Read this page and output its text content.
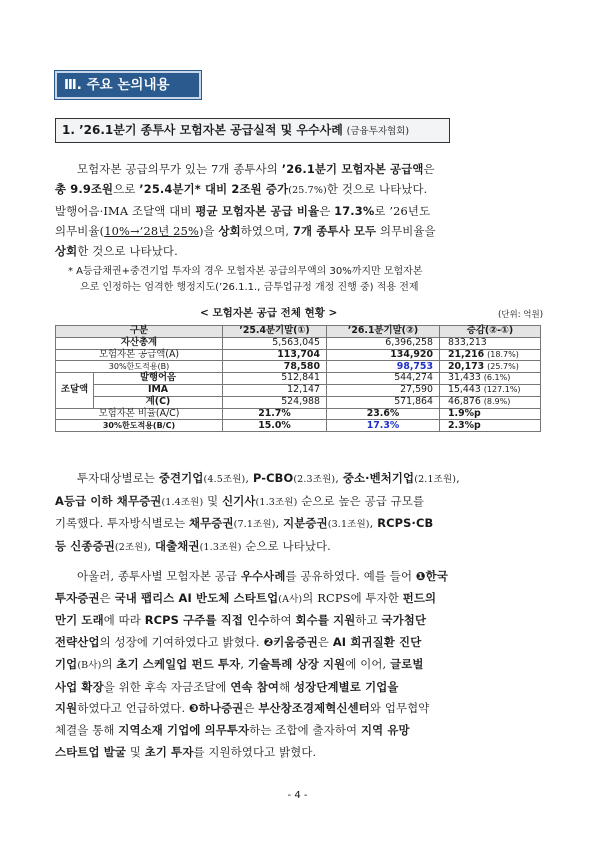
Ⅲ. 주요 논의내용
1. ’26.1분기 종투사 모험자본 공급실적 및 우수사례 (금융투자협회)
모험자본 공급의무가 있는 7개 종투사의 ’26.1분기 모험자본 공급액은
총 9.9조원으로 ’25.4분기* 대비 2조원 증가(25.7%)한 것으로 나타났다.
발행어음·IMA 조달액 대비 평균 모험자본 공급 비율은 17.3%로 ’26년도
의무비율(10%→’28년 25%)을 상회하였으며, 7개 종투사 모두 의무비율을
상회한 것으로 나타났다.
* A등급채권+중견기업 투자의 경우 모험자본 공급의무액의 30%까지만 모험자본
으로 인정하는 엄격한 행정지도(’26.1.1., 금투업규정 개정 진행 중) 적용 전제
< 모험자본 공급 전체 현황 >	(단위: 억원)
구분		’25.4분기말(①)	’26.1분기말(②)	증감(②-①)
자산총계		5,563,045	6,396,258	833,213
모험자본 공급액(A)		113,704	134,920	21,216 (18.7%)
30%한도적용(B)		78,580	98,753	20,173 (25.7%)
조달액	발행어음	512,841	544,274	31,433 (6.1%)
	IMA	12,147	27,590	15,443 (127.1%)
	계(C)	524,988	571,864	46,876 (8.9%)
모험자본 비율(A/C)		21.7%	23.6%	1.9%p
30%한도적용(B/C)		15.0%	17.3%	2.3%p
투자대상별로는 중견기업(4.5조원), P-CBO(2.3조원), 중소·벤처기업(2.1조원),
A등급 이하 채무증권(1.4조원) 및 신기사(1.3조원) 순으로 높은 공급 규모를
기록했다. 투자방식별로는 채무증권(7.1조원), 지분증권(3.1조원), RCPS·CB
등 신종증권(2조원), 대출채권(1.3조원) 순으로 나타났다.
아울러, 종투사별 모험자본 공급 우수사례를 공유하였다. 예를 들어 ❶한국
투자증권은 국내 팹리스 AI 반도체 스타트업(A사)의 RCPS에 투자한 펀드의
만기 도래에 따라 RCPS 구주를 직접 인수하여 회수를 지원하고 국가첨단
전략산업의 성장에 기여하였다고 밝혔다. ❷키움증권은 AI 희귀질환 진단
기업(B사)의 초기 스케일업 펀드 투자, 기술특례 상장 지원에 이어, 글로벌
사업 확장을 위한 후속 자금조달에 연속 참여해 성장단계별로 기업을
지원하였다고 언급하였다. ❸하나증권은 부산창조경제혁신센터와 업무협약
체결을 통해 지역소재 기업에 의무투자하는 조합에 출자하여 지역 유망
스타트업 발굴 및 초기 투자를 지원하였다고 밝혔다.
- 4 -
